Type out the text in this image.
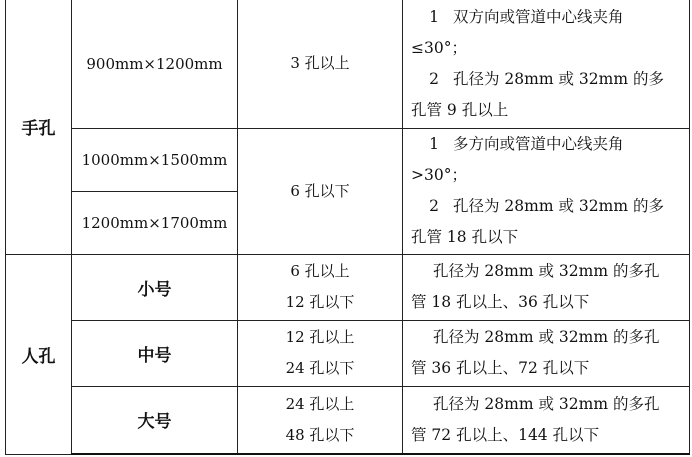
手孔	900mm×1200mm	3 孔以上	1 双方向或管道中心线夹角
≤30°；
2 孔径为 28mm 或 32mm 的多
孔管 9 孔以上

	1000mm×1500mm	6 孔以下	1 多方向或管道中心线夹角
>30°；
2 孔径为 28mm 或 32mm 的多
孔管 18 孔以下

	1200mm×1700mm		
人孔	小号	6 孔以上
12 孔以下	孔径为 28mm 或 32mm 的多孔
管 18 孔以上、36 孔以下

	中号	12 孔以上
24 孔以下	孔径为 28mm 或 32mm 的多孔
管 36 孔以上、72 孔以下

	大号	24 孔以上
48 孔以下	孔径为 28mm 或 32mm 的多孔
管 72 孔以上、144 孔以下
